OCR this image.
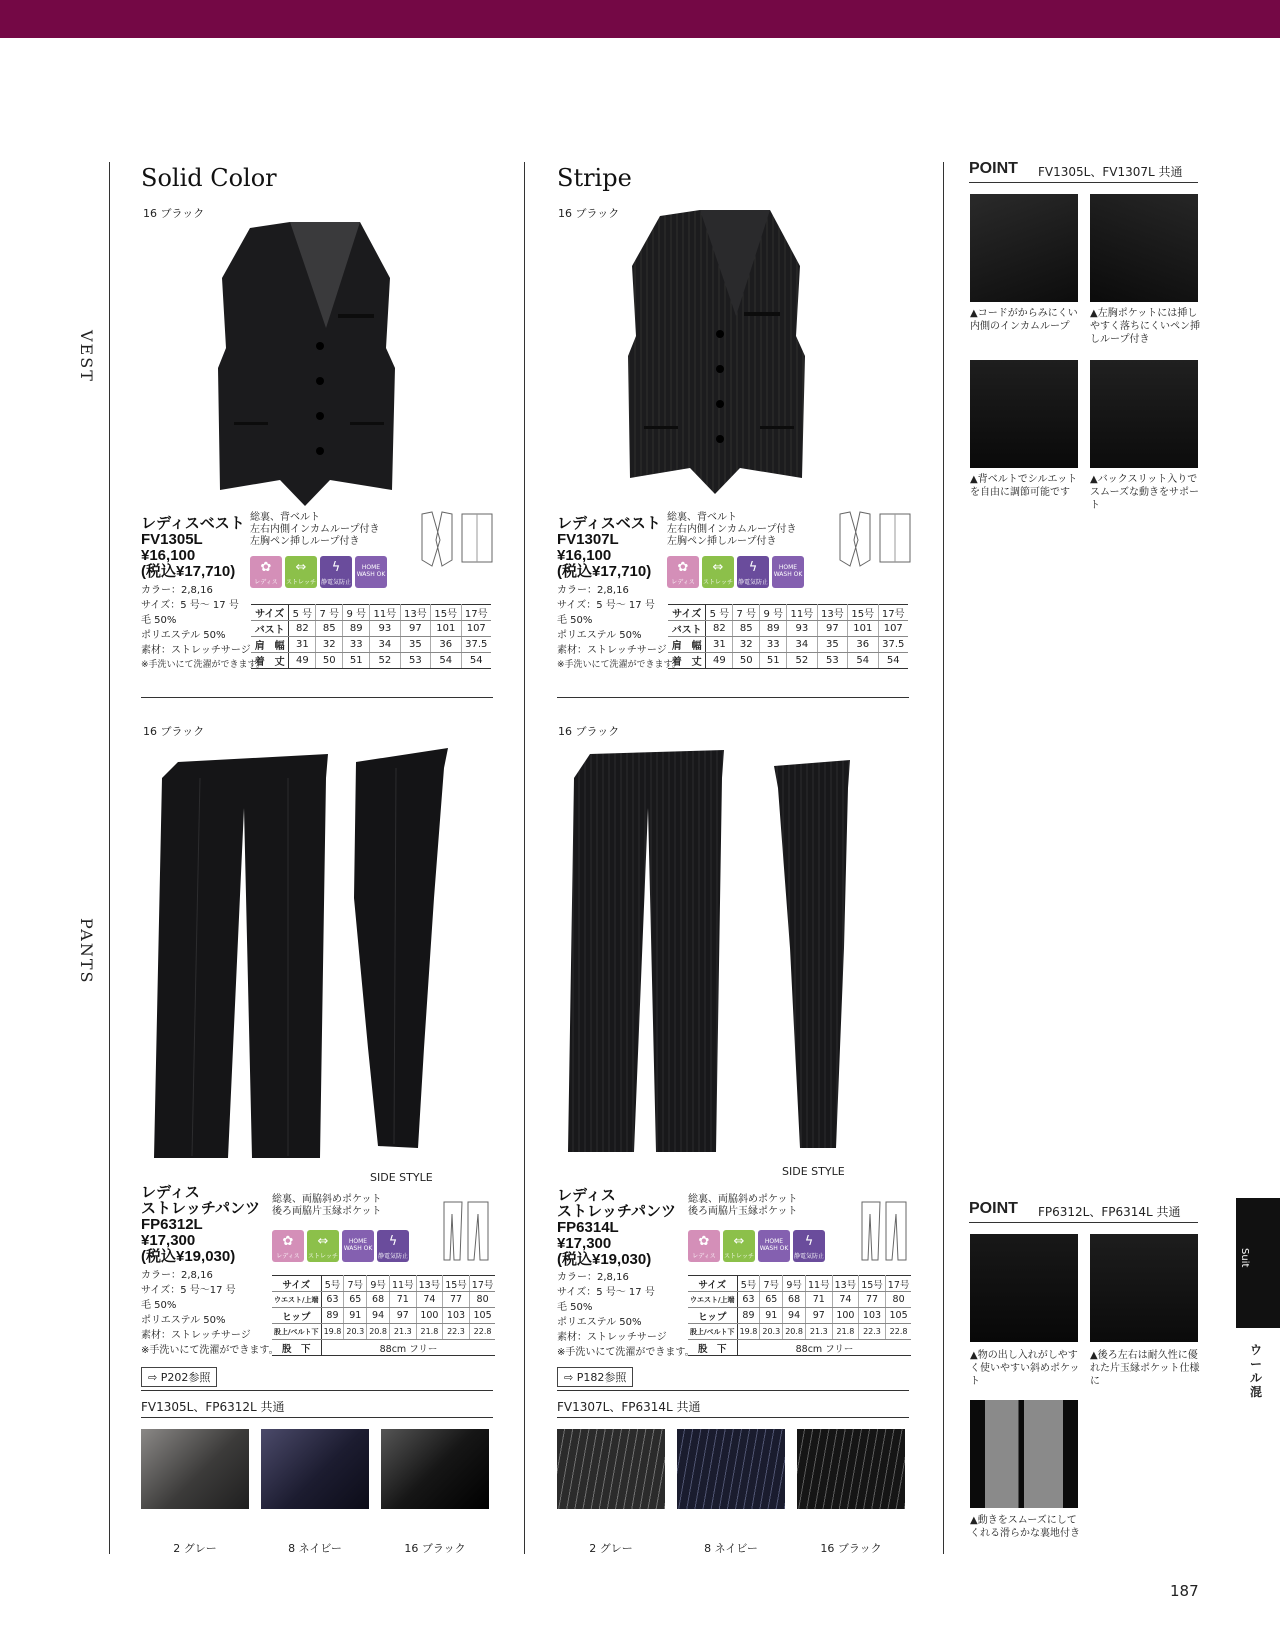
VEST
PANTS
Solid Color
16 ブラック
レディスベスト
FV1305L
¥16,100
(税込¥17,710)
カラー：2,8,16
サイズ：5 号～ 17 号
毛 50%
ポリエステル 50%
素材：ストレッチサージ
※手洗いにて洗濯ができます。
総裏、背ベルト
左右内側インカムループ付き
左胸ペン挿しループ付き
✿
レディス
⇔
ストレッチ
ϟ
静電気防止
HOME WASH OK
サイズ	5 号	7 号	9 号	11号	13号	15号	17号
バスト	82	85	89	93	97	101	107
肩　幅	31	32	33	34	35	36	37.5
着　丈	49	50	51	52	53	54	54
16 ブラック
SIDE STYLE
レディス
ストレッチパンツ
FP6312L
¥17,300
(税込¥19,030)
カラー：2,8,16
サイズ：5 号～17 号
毛 50%
ポリエステル 50%
素材：ストレッチサージ
※手洗いにて洗濯ができます。
総裏、両脇斜めポケット
後ろ両脇片玉縁ポケット
✿
レディス
⇔
ストレッチ
HOME WASH OK ϟ
静電気防止
サイズ	5号	7号	9号	11号	13号	15号	17号
ウエスト/上端	63	65	68	71	74	77	80
ヒップ	89	91	94	97	100	103	105
股上/ベルト下	19.8	20.3	20.8	21.3	21.8	22.3	22.8
股　下	88cm フリー						
⇨ P202参照
FV1305L、FP6312L 共通
2 グレー	8 ネイビー	16 ブラック
Stripe
16 ブラック
レディスベスト
FV1307L
¥16,100
(税込¥17,710)
カラー：2,8,16
サイズ：5 号～ 17 号
毛 50%
ポリエステル 50%
素材：ストレッチサージ
※手洗いにて洗濯ができます。
総裏、背ベルト
左右内側インカムループ付き
左胸ペン挿しループ付き
✿
レディス
⇔
ストレッチ
ϟ
静電気防止
HOME WASH OK
サイズ	5 号	7 号	9 号	11号	13号	15号	17号
バスト	82	85	89	93	97	101	107
肩　幅	31	32	33	34	35	36	37.5
着　丈	49	50	51	52	53	54	54
16 ブラック
SIDE STYLE
レディス
ストレッチパンツ
FP6314L
¥17,300
(税込¥19,030)
カラー：2,8,16
サイズ：5 号～ 17 号
毛 50%
ポリエステル 50%
素材：ストレッチサージ
※手洗いにて洗濯ができます。
総裏、両脇斜めポケット
後ろ両脇片玉縁ポケット
✿
レディス
⇔
ストレッチ
HOME WASH OK ϟ
静電気防止
サイズ	5号	7号	9号	11号	13号	15号	17号
ウエスト/上端	63	65	68	71	74	77	80
ヒップ	89	91	94	97	100	103	105
股上/ベルト下	19.8	20.3	20.8	21.3	21.8	22.3	22.8
股　下	88cm フリー						
⇨ P182参照
FV1307L、FP6314L 共通
2 グレー	8 ネイビー	16 ブラック
POINT FV1305L、FV1307L 共通
▲コードがからみにくい内側のインカムループ
▲左胸ポケットには挿しやすく落ちにくいペン挿しループ付き
▲背ベルトでシルエットを自由に調節可能です
▲バックスリット入りでスムーズな動きをサポート
POINT FP6312L、FP6314L 共通
▲物の出し入れがしやすく使いやすい斜めポケット
▲後ろ左右は耐久性に優れた片玉縁ポケット仕様に
▲動きをスムーズにしてくれる滑らかな裏地付き
Suit
ウール混
187
